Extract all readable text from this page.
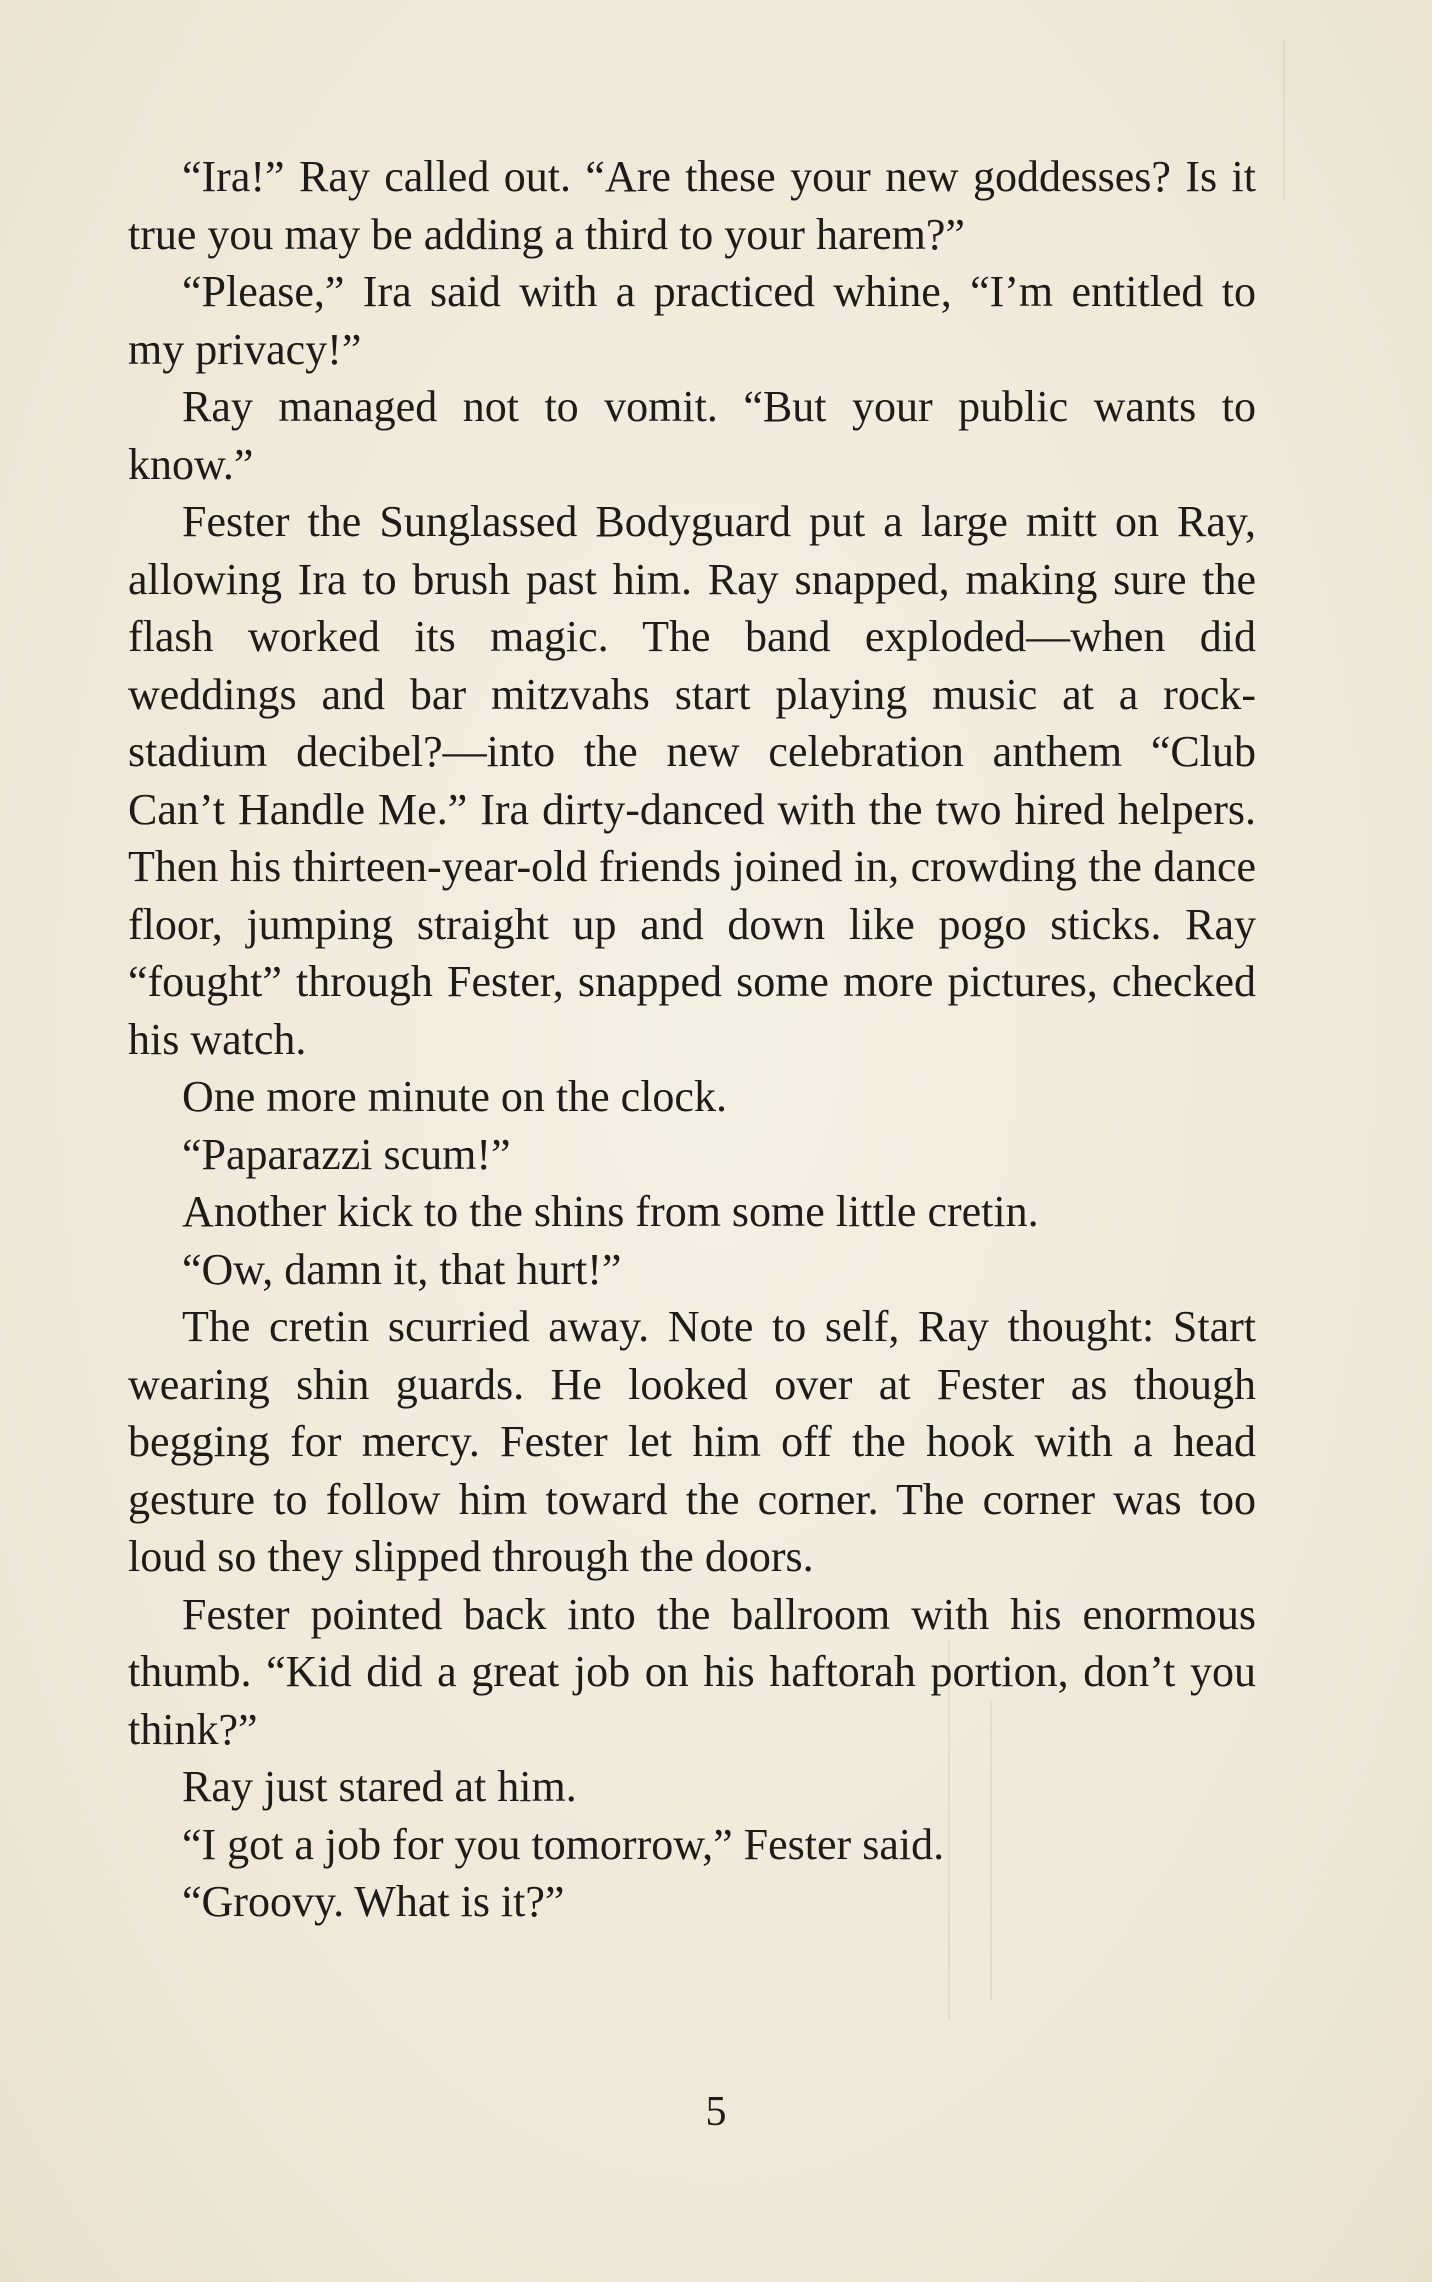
“Ira!” Ray called out. “Are these your new goddesses? Is it true you may be adding a third to your harem?”

“Please,” Ira said with a practiced whine, “I’m entitled to my privacy!”

Ray managed not to vomit. “But your public wants to know.”

Fester the Sunglassed Bodyguard put a large mitt on Ray, allowing Ira to brush past him. Ray snapped, making sure the flash worked its magic. The band exploded—when did weddings and bar mitzvahs start playing music at a rock-stadium decibel?—into the new celebration anthem “Club Can’t Handle Me.” Ira dirty-danced with the two hired helpers. Then his thirteen-year-old friends joined in, crowding the dance floor, jumping straight up and down like pogo sticks. Ray “fought” through Fester, snapped some more pictures, checked his watch.

One more minute on the clock.

“Paparazzi scum!”

Another kick to the shins from some little cretin.

“Ow, damn it, that hurt!”

The cretin scurried away. Note to self, Ray thought: Start wearing shin guards. He looked over at Fester as though begging for mercy. Fester let him off the hook with a head gesture to follow him toward the corner. The corner was too loud so they slipped through the doors.

Fester pointed back into the ballroom with his enormous thumb. “Kid did a great job on his haftorah portion, don’t you think?”

Ray just stared at him.

“I got a job for you tomorrow,” Fester said.

“Groovy. What is it?”

5
